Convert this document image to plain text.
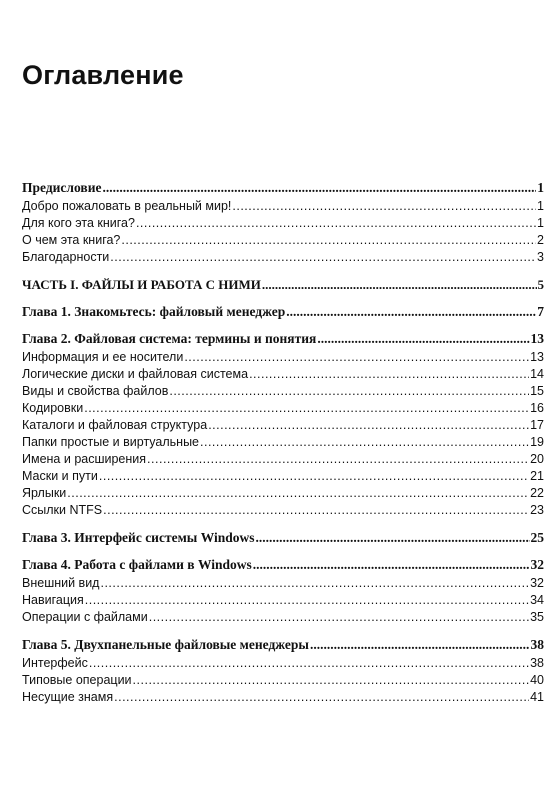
Оглавление
Предисловие .....	1
Добро пожаловать в реальный мир! .....	1
Для кого эта книга? .....	1
О чем эта книга? .....	2
Благодарности .....	3
ЧАСТЬ I. ФАЙЛЫ И РАБОТА С НИМИ .....	5
Глава 1. Знакомьтесь: файловый менеджер .....	7
Глава 2. Файловая система: термины и понятия .....	13
Информация и ее носители .....	13
Логические диски и файловая система .....	14
Виды и свойства файлов .....	15
Кодировки .....	16
Каталоги и файловая структура .....	17
Папки простые и виртуальные .....	19
Имена и расширения .....	20
Маски и пути .....	21
Ярлыки .....	22
Ссылки NTFS .....	23
Глава 3. Интерфейс системы Windows .....	25
Глава 4. Работа с файлами в Windows .....	32
Внешний вид .....	32
Навигация .....	34
Операции с файлами .....	35
Глава 5. Двухпанельные файловые менеджеры .....	38
Интерфейс .....	38
Типовые операции .....	40
Несущие знамя .....	41
